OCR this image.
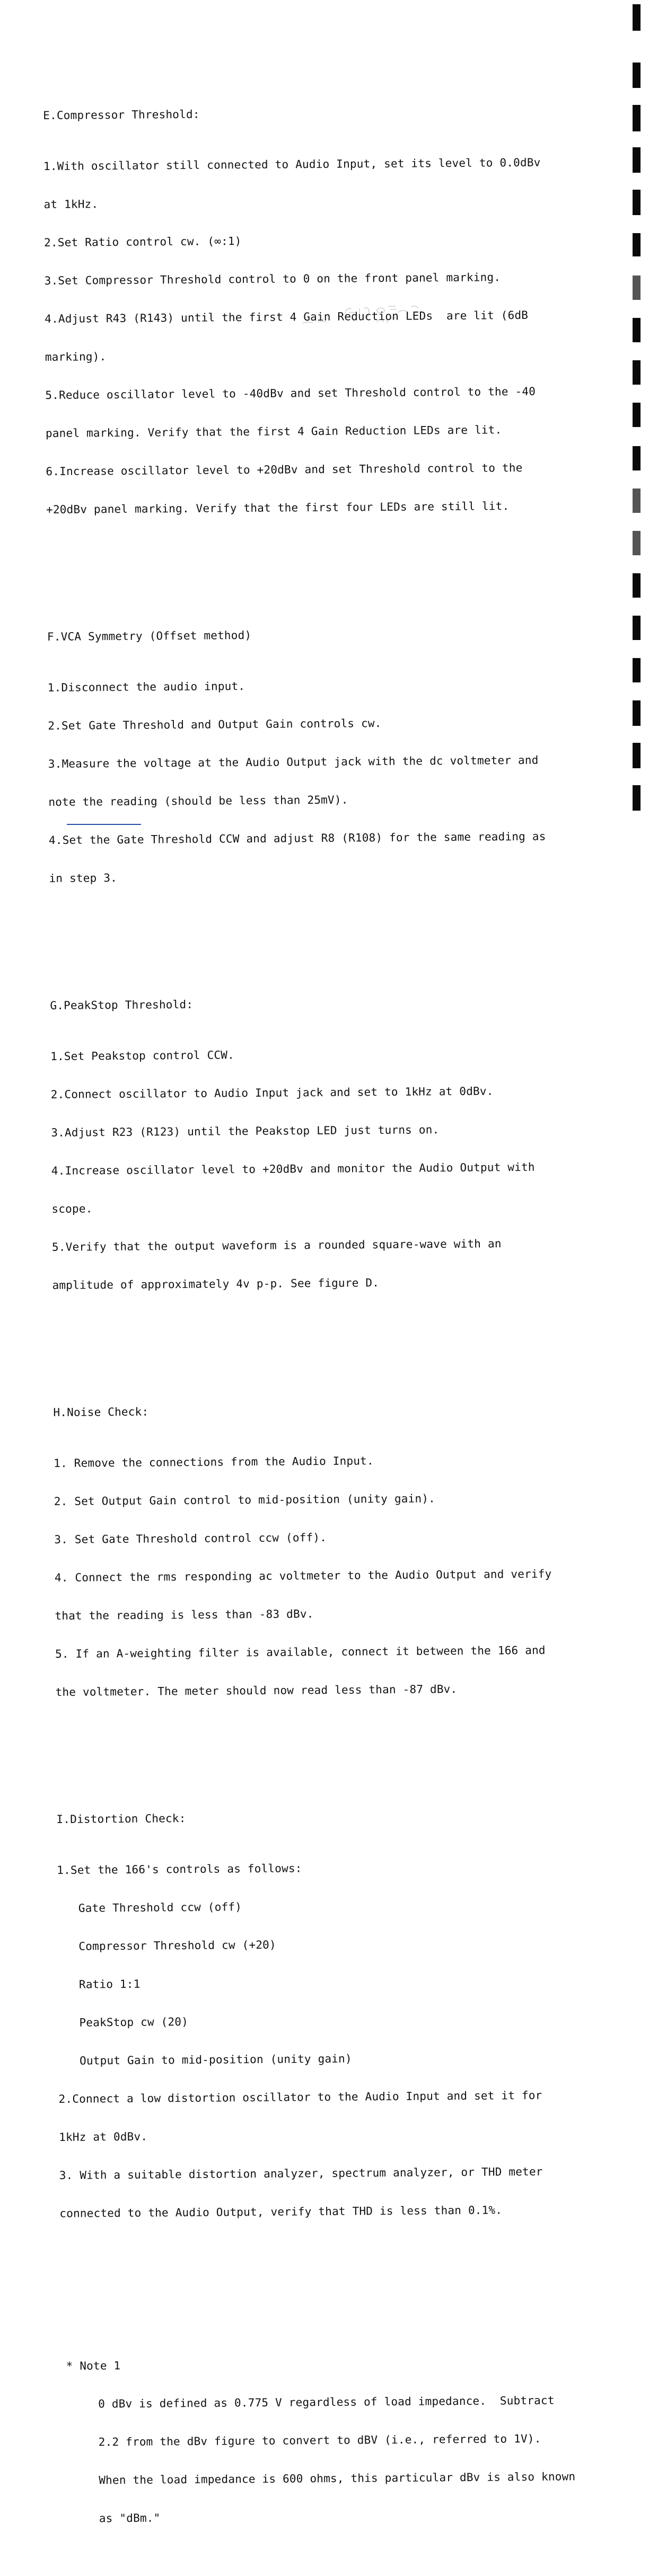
E.Compressor Threshold:

1.With oscillator still connected to Audio Input, set its level to 0.0dBv

at 1kHz.

2.Set Ratio control cw. (∞:1)

3.Set Compressor Threshold control to 0 on the front panel marking.

4.Adjust R43 (R143) until the first 4 Gain Reduction LEDs  are lit (6dB

marking).

5.Reduce oscillator level to -40dBv and set Threshold control to the -40

panel marking. Verify that the first 4 Gain Reduction LEDs are lit.

6.Increase oscillator level to +20dBv and set Threshold control to the

+20dBv panel marking. Verify that the first four LEDs are still lit.

F.VCA Symmetry (Offset method)

1.Disconnect the audio input.

2.Set Gate Threshold and Output Gain controls cw.

3.Measure the voltage at the Audio Output jack with the dc voltmeter and

note the reading (should be less than 25mV).

4.Set the Gate Threshold CCW and adjust R8 (R108) for the same reading as

in step 3.

G.PeakStop Threshold:

1.Set Peakstop control CCW.

2.Connect oscillator to Audio Input jack and set to 1kHz at 0dBv.

3.Adjust R23 (R123) until the Peakstop LED just turns on.

4.Increase oscillator level to +20dBv and monitor the Audio Output with

scope.

5.Verify that the output waveform is a rounded square-wave with an

amplitude of approximately 4v p-p. See figure D.

H.Noise Check:

1. Remove the connections from the Audio Input.

2. Set Output Gain control to mid-position (unity gain).

3. Set Gate Threshold control ccw (off).

4. Connect the rms responding ac voltmeter to the Audio Output and verify

that the reading is less than -83 dBv.

5. If an A-weighting filter is available, connect it between the 166 and

the voltmeter. The meter should now read less than -87 dBv.

I.Distortion Check:

1.Set the 166's controls as follows:

Gate Threshold ccw (off)

Compressor Threshold cw (+20)

Ratio 1:1

PeakStop cw (20)

Output Gain to mid-position (unity gain)

2.Connect a low distortion oscillator to the Audio Input and set it for

1kHz at 0dBv.

3. With a suitable distortion analyzer, spectrum analyzer, or THD meter

connected to the Audio Output, verify that THD is less than 0.1%.

* Note 1

0 dBv is defined as 0.775 V regardless of load impedance.  Subtract

2.2 from the dBv figure to convert to dBV (i.e., referred to 1V).

When the load impedance is 600 ohms, this particular dBv is also known

as "dBm."
